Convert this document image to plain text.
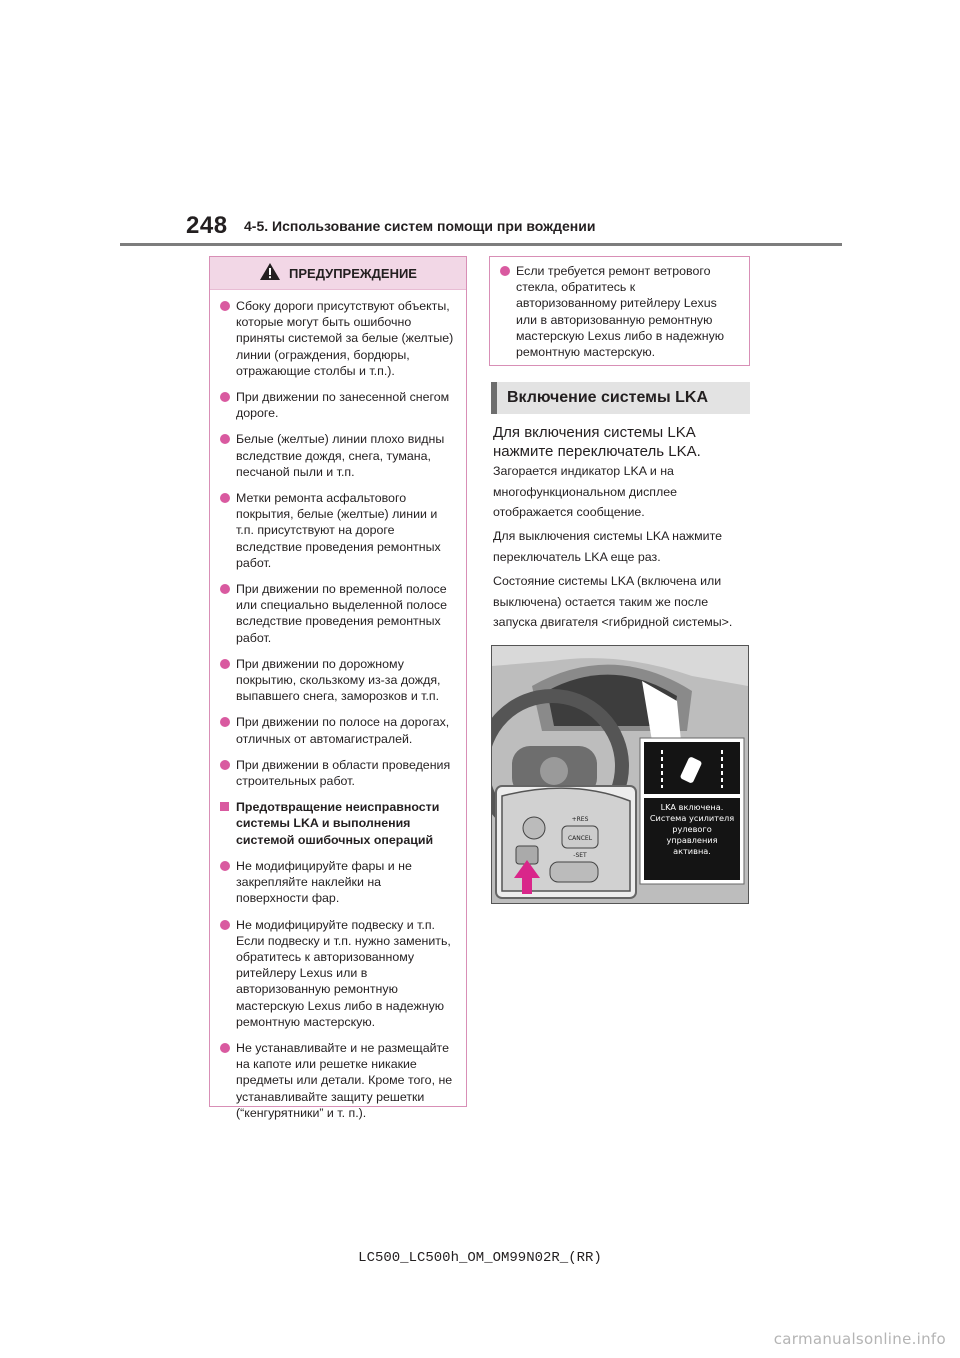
248 4-5. Использование систем помощи при вождении
ПРЕДУПРЕЖДЕНИЕ
Сбоку дороги присутствуют объекты, которые могут быть ошибочно приняты системой за белые (желтые) линии (ограждения, бордюры, отражающие столбы и т.п.).
При движении по занесенной снегом дороге.
Белые (желтые) линии плохо видны вследствие дождя, снега, тумана, песчаной пыли и т.п.
Метки ремонта асфальтового покрытия, белые (желтые) линии и т.п. присутствуют на дороге вследствие проведения ремонтных работ.
При движении по временной полосе или специально выделенной полосе вследствие проведения ремонтных работ.
При движении по дорожному покрытию, скользкому из-за дождя, выпавшего снега, заморозков и т.п.
При движении по полосе на дорогах, отличных от автомагистралей.
При движении в области проведения строительных работ.
Предотвращение неисправности системы LKA и выполнения системой ошибочных операций
Не модифицируйте фары и не закрепляйте наклейки на поверхности фар.
Не модифицируйте подвеску и т.п. Если подвеску и т.п. нужно заменить, обратитесь к авторизованному ритейлеру Lexus или в авторизованную ремонтную мастерскую Lexus либо в надежную ремонтную мастерскую.
Не устанавливайте и не размещайте на капоте или решетке никакие предметы или детали. Кроме того, не устанавливайте защиту решетки (“кенгурятники” и т. п.).
Если требуется ремонт ветрового стекла, обратитесь к авторизованному ритейлеру Lexus или в авторизованную ремонтную мастерскую Lexus либо в надежную ремонтную мастерскую.
Включение системы LKA
Для включения системы LKA нажмите переключатель LKA.
Загорается индикатор LKA и на многофункциональном дисплее отображается сообщение.
Для выключения системы LKA нажмите переключатель LKA еще раз.
Состояние системы LKA (включена или выключена) остается таким же после запуска двигателя <гибридной системы>.
CANCEL
+RES
-SET
LKA включена.
Система усилителя
рулевого
управления
активна.
LC500_LC500h_OM_OM99N02R_(RR)
carmanualsonline.info
